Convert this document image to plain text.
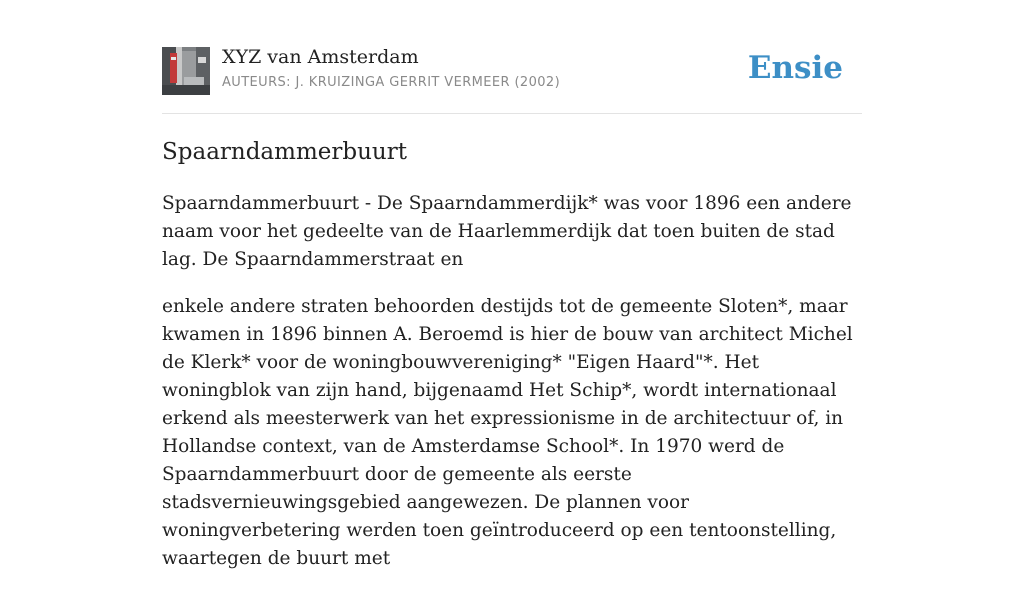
XYZ van Amsterdam
AUTEURS: J. KRUIZINGA GERRIT VERMEER (2002)	Ensie
Spaarndammerbuurt

Spaarndammerbuurt - De Spaarndammerdijk* was voor 1896 een andere naam voor het gedeelte van de Haarlemmerdijk dat toen buiten de stad lag. De Spaarndammerstraat en

enkele andere straten behoorden destijds tot de gemeente Sloten*, maar kwamen in 1896 binnen A. Beroemd is hier de bouw van architect Michel de Klerk* voor de woningbouwvereniging* "Eigen Haard"*. Het woningblok van zijn hand, bijgenaamd Het Schip*, wordt internationaal erkend als meesterwerk van het expressionisme in de architectuur of, in Hollandse context, van de Amsterdamse School*. In 1970 werd de Spaarndammerbuurt door de gemeente als eerste stadsvernieuwingsgebied aangewezen. De plannen voor woningverbetering werden toen geïntroduceerd op een tentoonstelling, waartegen de buurt met
